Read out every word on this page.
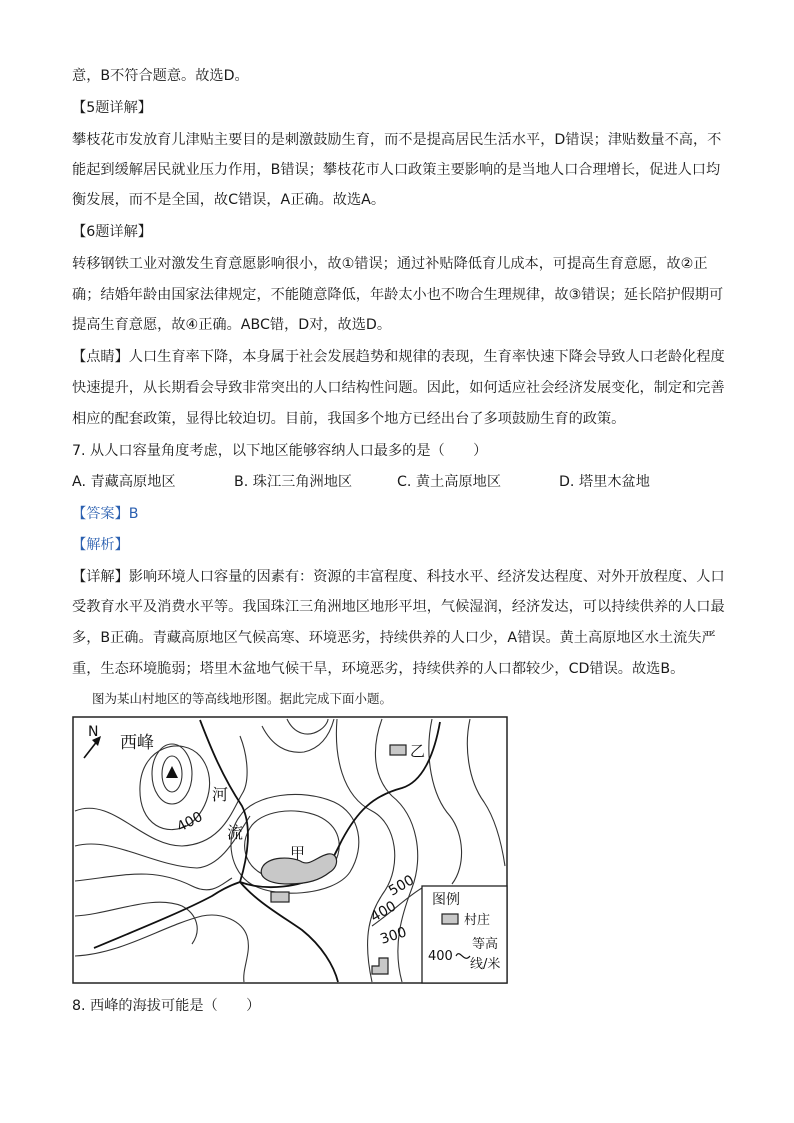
意，B不符合题意。故选D。
【5题详解】
攀枝花市发放育儿津贴主要目的是刺激鼓励生育，而不是提高居民生活水平，D错误；津贴数量不高，不
能起到缓解居民就业压力作用，B错误；攀枝花市人口政策主要影响的是当地人口合理增长，促进人口均
衡发展，而不是全国，故C错误，A正确。故选A。
【6题详解】
转移钢铁工业对激发生育意愿影响很小，故①错误；通过补贴降低育儿成本，可提高生育意愿，故②正
确；结婚年龄由国家法律规定，不能随意降低，年龄太小也不吻合生理规律，故③错误；延长陪护假期可
提高生育意愿，故④正确。ABC错，D对，故选D。
【点睛】人口生育率下降，本身属于社会发展趋势和规律的表现，生育率快速下降会导致人口老龄化程度
快速提升，从长期看会导致非常突出的人口结构性问题。因此，如何适应社会经济发展变化，制定和完善
相应的配套政策，显得比较迫切。目前，我国多个地方已经出台了多项鼓励生育的政策。
7. 从人口容量角度考虑，以下地区能够容纳人口最多的是（　　）
A. 青藏高原地区	B. 珠江三角洲地区	C. 黄土高原地区	D. 塔里木盆地
【答案】B
【解析】
【详解】影响环境人口容量的因素有：资源的丰富程度、科技水平、经济发达程度、对外开放程度、人口
受教育水平及消费水平等。我国珠江三角洲地区地形平坦，气候湿润，经济发达，可以持续供养的人口最
多，B正确。青藏高原地区气候高寒、环境恶劣，持续供养的人口少，A错误。黄土高原地区水土流失严
重，生态环境脆弱；塔里木盆地气候干旱，环境恶劣，持续供养的人口都较少，CD错误。故选B。
图为某山村地区的等高线地形图。据此完成下面小题。
N
西峰
河
流
400
500
400
300
甲
乙
图例
村庄
400
等高
线/米
8. 西峰的海拔可能是（　　）
